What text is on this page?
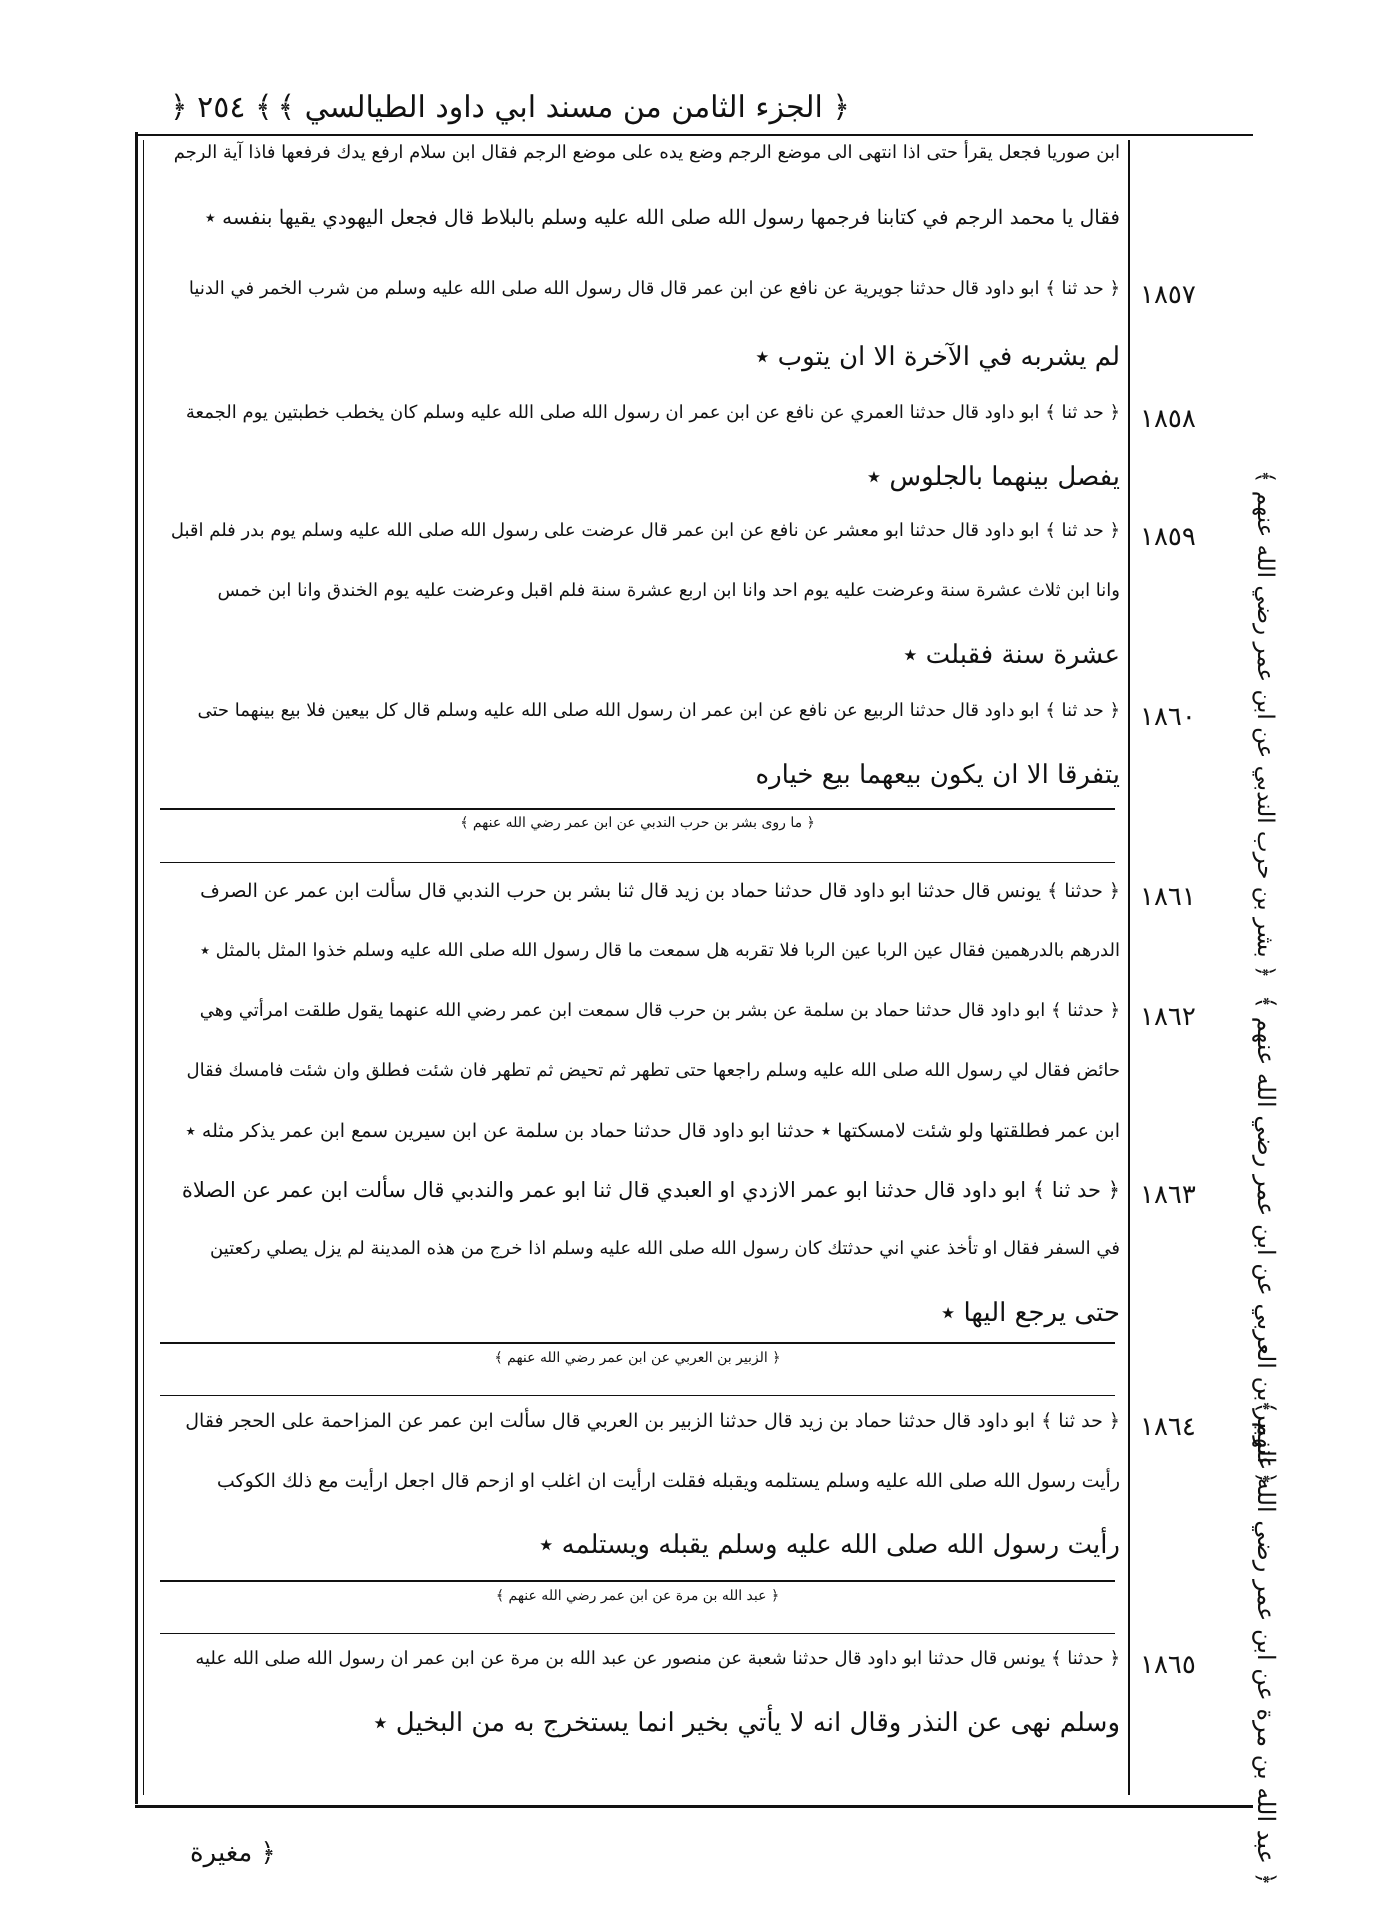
﴿ ٢٥٤ ﴾ ﴿ الجزء الثامن من مسند ابي داود الطيالسي ﴾
ابن صوريا فجعل يقرأ حتى اذا انتهى الى موضع الرجم وضع يده على موضع الرجم فقال ابن سلام ارفع يدك فرفعها فاذا آية الرجم
فقال يا محمد الرجم في كتابنا فرجمها رسول الله صلى الله عليه وسلم بالبلاط قال فجعل اليهودي يقيها بنفسه ٭
﴿ حد ثنا ﴾ ابو داود قال حدثنا جويرية عن نافع عن ابن عمر قال قال رسول الله صلى الله عليه وسلم من شرب الخمر في الدنيا
لم يشربه في الآخرة الا ان يتوب ٭
﴿ حد ثنا ﴾ ابو داود قال حدثنا العمري عن نافع عن ابن عمر ان رسول الله صلى الله عليه وسلم كان يخطب خطبتين يوم الجمعة
يفصل بينهما بالجلوس ٭
﴿ حد ثنا ﴾ ابو داود قال حدثنا ابو معشر عن نافع عن ابن عمر قال عرضت على رسول الله صلى الله عليه وسلم يوم بدر فلم اقبل
وانا ابن ثلاث عشرة سنة وعرضت عليه يوم احد وانا ابن اربع عشرة سنة فلم اقبل وعرضت عليه يوم الخندق وانا ابن خمس
عشرة سنة فقبلت ٭
﴿ حد ثنا ﴾ ابو داود قال حدثنا الربيع عن نافع عن ابن عمر ان رسول الله صلى الله عليه وسلم قال كل بيعين فلا بيع بينهما حتى
يتفرقا الا ان يكون بيعهما بيع خياره
﴿ ما روى بشر بن حرب الندبي عن ابن عمر رضي الله عنهم ﴾
﴿ حدثنا ﴾ يونس قال حدثنا ابو داود قال حدثنا حماد بن زيد قال ثنا بشر بن حرب الندبي قال سألت ابن عمر عن الصرف
الدرهم بالدرهمين فقال عين الربا عين الربا فلا تقربه هل سمعت ما قال رسول الله صلى الله عليه وسلم خذوا المثل بالمثل ٭
﴿ حدثنا ﴾ ابو داود قال حدثنا حماد بن سلمة عن بشر بن حرب قال سمعت ابن عمر رضي الله عنهما يقول طلقت امرأتي وهي
حائض فقال لي رسول الله صلى الله عليه وسلم راجعها حتى تطهر ثم تحيض ثم تطهر فان شئت فطلق وان شئت فامسك فقال
ابن عمر فطلقتها ولو شئت لامسكتها ٭ حدثنا ابو داود قال حدثنا حماد بن سلمة عن ابن سيرين سمع ابن عمر يذكر مثله ٭
﴿ حد ثنا ﴾ ابو داود قال حدثنا ابو عمر الازدي او العبدي قال ثنا ابو عمر والندبي قال سألت ابن عمر عن الصلاة
في السفر فقال او تأخذ عني اني حدثتك كان رسول الله صلى الله عليه وسلم اذا خرج من هذه المدينة لم يزل يصلي ركعتين
حتى يرجع اليها ٭
﴿ الزبير بن العربي عن ابن عمر رضي الله عنهم ﴾
﴿ حد ثنا ﴾ ابو داود قال حدثنا حماد بن زيد قال حدثنا الزبير بن العربي قال سألت ابن عمر عن المزاحمة على الحجر فقال
رأيت رسول الله صلى الله عليه وسلم يستلمه ويقبله فقلت ارأيت ان اغلب او ازحم قال اجعل ارأيت مع ذلك الكوكب
رأيت رسول الله صلى الله عليه وسلم يقبله ويستلمه ٭
﴿ عبد الله بن مرة عن ابن عمر رضي الله عنهم ﴾
﴿ حدثنا ﴾ يونس قال حدثنا ابو داود قال حدثنا شعبة عن منصور عن عبد الله بن مرة عن ابن عمر ان رسول الله صلى الله عليه
وسلم نهى عن النذر وقال انه لا يأتي بخير انما يستخرج به من البخيل ٭
١٨٥٧
١٨٥٨
١٨٥٩
١٨٦٠
١٨٦١
١٨٦٢
١٨٦٣
١٨٦٤
١٨٦٥
﴿ بشر بن حرب الندبي عن ابن عمر رضي الله عنهم ﴾
﴿ الزبير بن العربي عن ابن عمر رضي الله عنهم ﴾
﴿ عبد الله بن مرة عن ابن عمر رضي الله عنهم ﴾
﴿ مغيرة
